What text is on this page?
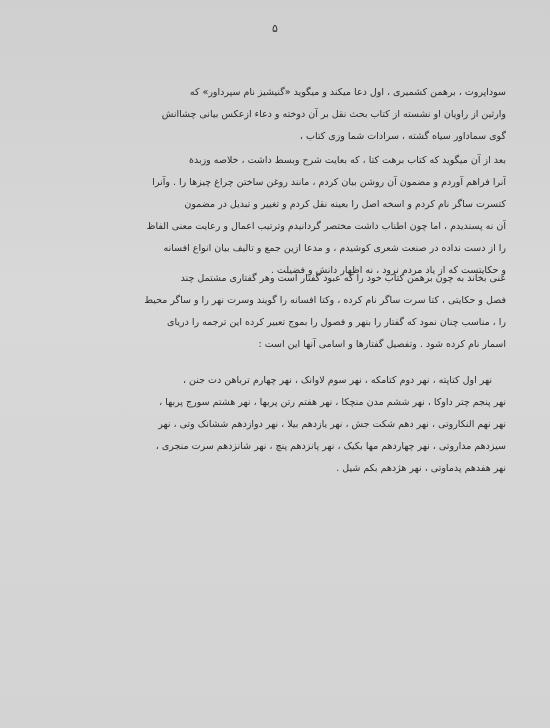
۵
سوداپروت ، برهمن کشمیری ، اول دعا میکند و میگوید «گنیشیز نام سپرداور» که
وارثین از راویان او نشسته از کتاب بحث نقل بر آن دوخته و دعاء ازعکس بیانی چشاانش
گوی سماداور سیاه گشته ، سرادات شما وزی کتاب ،
بعد از آن میگوید که کتاب برهت کتا ، که بعایت شرح وبسط داشت ، خلاصه وزبدة
آنرا فراهم آوردم و مضمون آن روشن بیان کردم ، مانند روغن ساختن چراغ چیزها را . وآنرا
کتسرت ساگر نام کردم و اسخه اصل را بعینه نقل کردم و تغییر و تبدیل در مضمون
آن نه پسندیدم ، اما چون اطناب داشت مختصر گردانیدم وترتیب اعمال و رعایت معنی الفاظ
را از دست نداده در صنعت شعری کوشیدم ، و مدعا ازین جمع و تالیف بیان انواع افسانه
و حکایتست که از یاد مردم نرود ، نه اظهار دانش و فضیلت .
عنی بخاند به چون برهمن کتاب خود را که عبود گفتار است وهر گفتاری مشتمل چند
فصل و حکایتی ، کتا سرت ساگر نام کرده ، وکتا افسانه را گویند وسرت نهر را و ساگر محیط
را ، مناسب چنان نمود که گفتار را بنهر و فصول را بموج تعبیر کرده این ترجمه را دریای
اسمار نام کرده شود . وتفصیل گفتارها و اسامی آنها این است :
نهر اول کتاپته ، نهر دوم کتامکه ، نهر سوم لاوانک ، نهر چهارم ترباهن دت جنن ،
نهر پنجم چتر داوکا ، نهر ششم مدن منچکا ، نهر هفتم رتن پربها ، نهر هشتم سورج پربها ،
نهر نهم النکاروتی ، نهر دهم شکت جش ، نهر یازدهم بیلا ، نهر دوازدهم ششانک وتی ، نهر
سیزدهم مداروتی ، نهر چهاردهم مها بکیک ، نهر پانزدهم پنچ ، نهر شانزدهم سرت منجری ،
نهر هفدهم پدماوتی ، نهر هژدهم بکم شیل .
